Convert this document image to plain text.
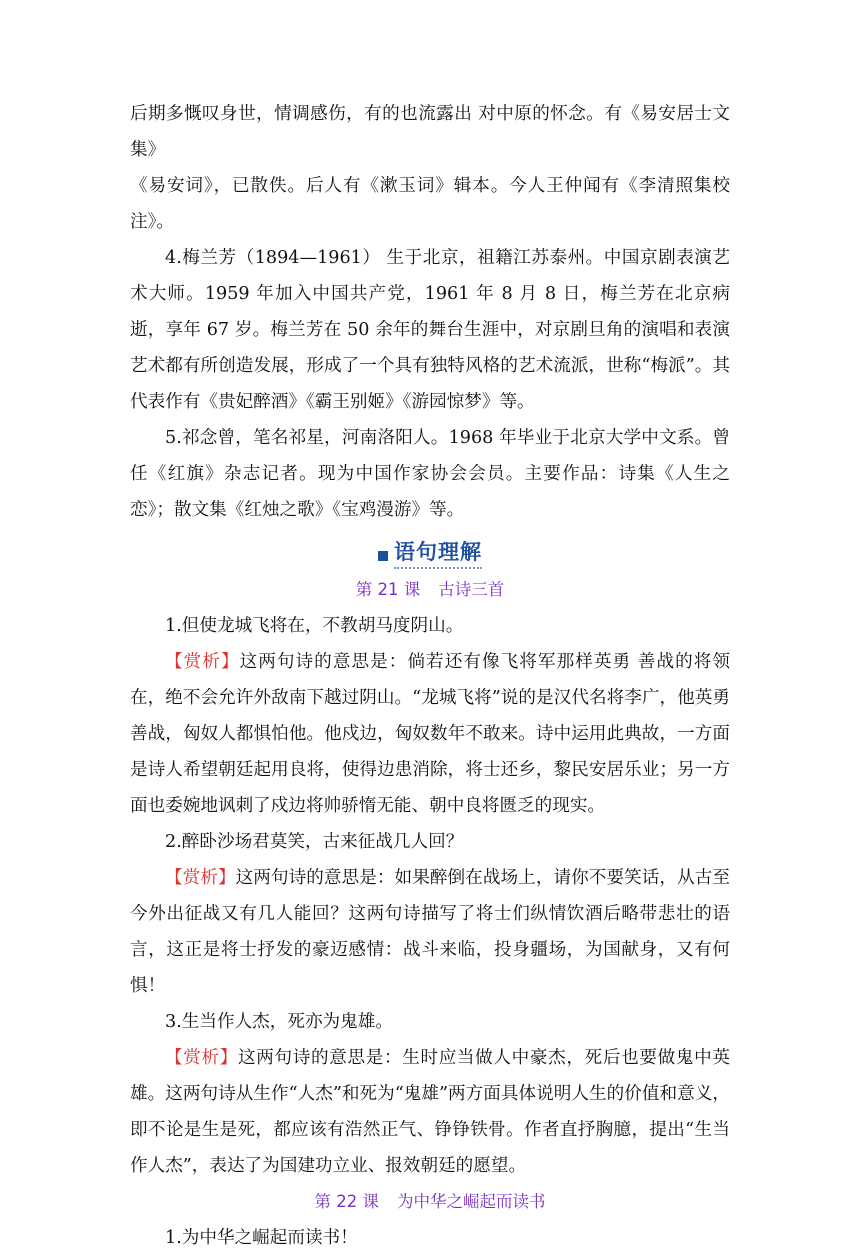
后期多慨叹身世，情调感伤，有的也流露出 对中原的怀念。有《易安居士文集》

《易安词》，已散佚。后人有《漱玉词》辑本。今人王仲闻有《李清照集校注》。

4.梅兰芳（1894—1961） 生于北京，祖籍江苏泰州。中国京剧表演艺术大师。1959 年加入中国共产党，1961 年 8 月 8 日，梅兰芳在北京病逝，享年 67 岁。梅兰芳在 50 余年的舞台生涯中，对京剧旦角的演唱和表演艺术都有所创造发展，形成了一个具有独特风格的艺术流派，世称“梅派”。其代表作有《贵妃醉酒》《霸王别姬》《游园惊梦》等。

5.祁念曾，笔名祁星，河南洛阳人。1968 年毕业于北京大学中文系。曾任《红旗》杂志记者。现为中国作家协会会员。主要作品：诗集《人生之恋》；散文集《红烛之歌》《宝鸡漫游》等。

语句理解
第 21 课 古诗三首

1.但使龙城飞将在，不教胡马度阴山。

【赏析】这两句诗的意思是：倘若还有像飞将军那样英勇 善战的将领在，绝不会允许外敌南下越过阴山。“龙城飞将”说的是汉代名将李广，他英勇善战，匈奴人都惧怕他。他戍边，匈奴数年不敢来。诗中运用此典故，一方面是诗人希望朝廷起用良将，使得边患消除，将士还乡，黎民安居乐业；另一方面也委婉地讽刺了戍边将帅骄惰无能、朝中良将匮乏的现实。

2.醉卧沙场君莫笑，古来征战几人回？

【赏析】这两句诗的意思是：如果醉倒在战场上，请你不要笑话，从古至今外出征战又有几人能回？这两句诗描写了将士们纵情饮酒后略带悲壮的语言，这正是将士抒发的豪迈感情：战斗来临，投身疆场，为国献身，又有何惧！

3.生当作人杰，死亦为鬼雄。

【赏析】这两句诗的意思是：生时应当做人中豪杰，死后也要做鬼中英雄。这两句诗从生作“人杰”和死为“鬼雄”两方面具体说明人生的价值和意义，即不论是生是死，都应该有浩然正气、铮铮铁骨。作者直抒胸臆，提出“生当作人杰”，表达了为国建功立业、报效朝廷的愿望。

第 22 课 为中华之崛起而读书

1.为中华之崛起而读书！
